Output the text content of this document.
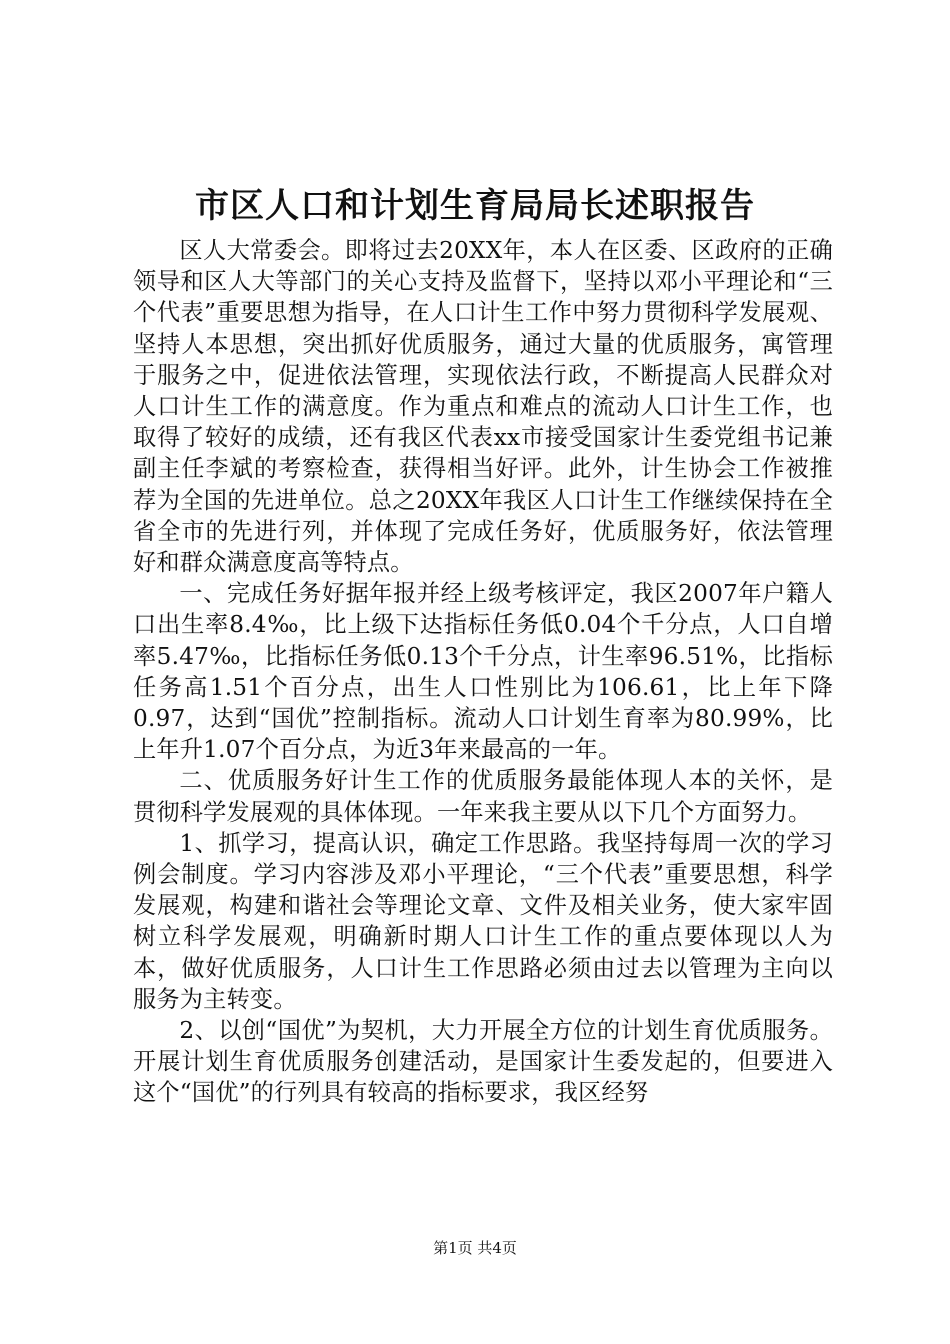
市区人口和计划生育局局长述职报告

区人大常委会。即将过去20XX年，本人在区委、区政府的正确领导和区人大等部门的关心支持及监督下，坚持以邓小平理论和“三个代表”重要思想为指导，在人口计生工作中努力贯彻科学发展观、坚持人本思想，突出抓好优质服务，通过大量的优质服务，寓管理于服务之中，促进依法管理，实现依法行政，不断提高人民群众对人口计生工作的满意度。作为重点和难点的流动人口计生工作，也取得了较好的成绩，还有我区代表xx市接受国家计生委党组书记兼副主任李斌的考察检查，获得相当好评。此外，计生协会工作被推荐为全国的先进单位。总之20XX年我区人口计生工作继续保持在全省全市的先进行列，并体现了完成任务好，优质服务好，依法管理好和群众满意度高等特点。

一、完成任务好据年报并经上级考核评定，我区2007年户籍人口出生率8.4‰，比上级下达指标任务低0.04个千分点，人口自增率5.47‰，比指标任务低0.13个千分点，计生率96.51%，比指标任务高1.51个百分点，出生人口性别比为106.61，比上年下降0.97，达到“国优”控制指标。流动人口计划生育率为80.99%，比上年升1.07个百分点，为近3年来最高的一年。

二、优质服务好计生工作的优质服务最能体现人本的关怀，是贯彻科学发展观的具体体现。一年来我主要从以下几个方面努力。

1、抓学习，提高认识，确定工作思路。我坚持每周一次的学习例会制度。学习内容涉及邓小平理论，“三个代表”重要思想，科学发展观，构建和谐社会等理论文章、文件及相关业务，使大家牢固树立科学发展观，明确新时期人口计生工作的重点要体现以人为本，做好优质服务，人口计生工作思路必须由过去以管理为主向以服务为主转变。

2、以创“国优”为契机，大力开展全方位的计划生育优质服务。开展计划生育优质服务创建活动，是国家计生委发起的，但要进入这个“国优”的行列具有较高的指标要求，我区经努

第1页 共4页
